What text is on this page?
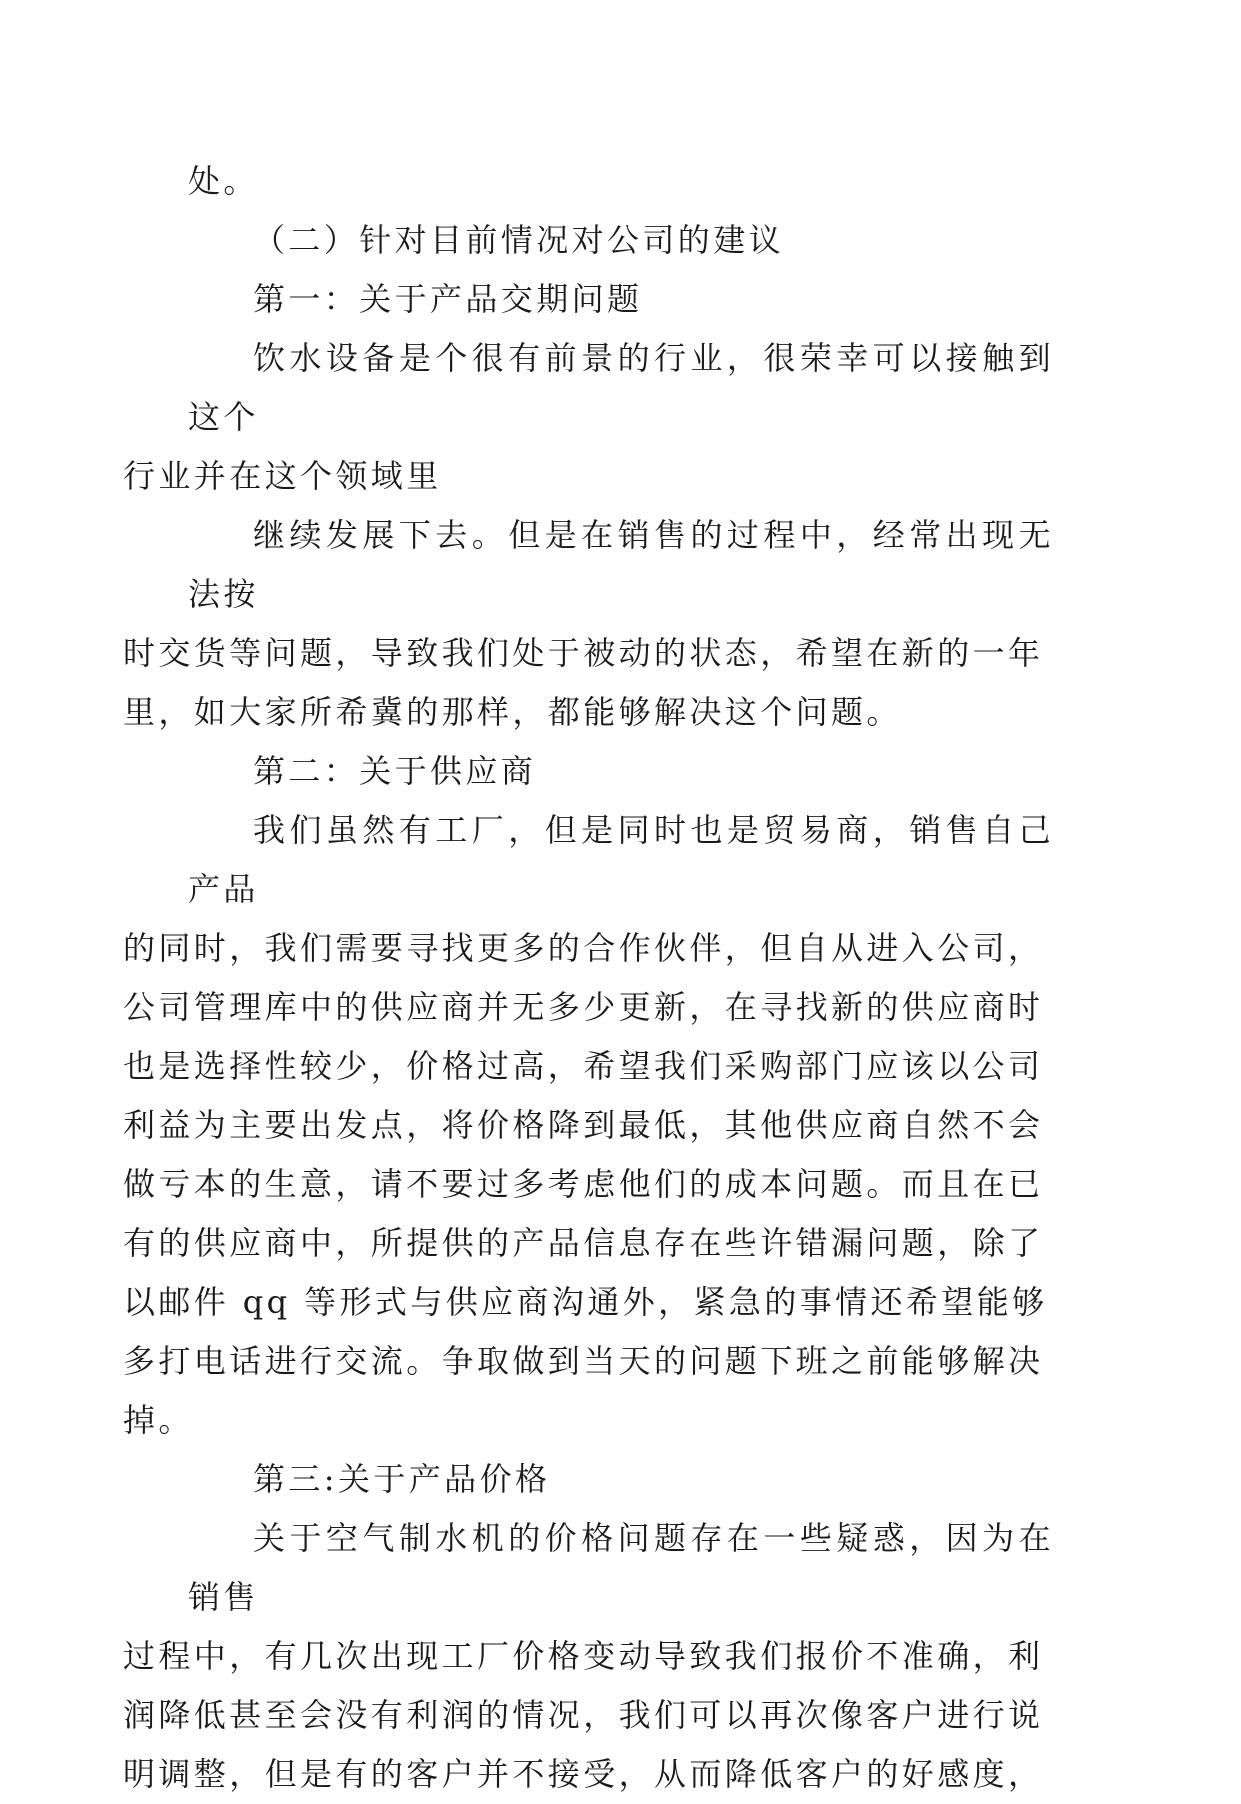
处。

（二）针对目前情况对公司的建议

第一：关于产品交期问题

饮水设备是个很有前景的行业，很荣幸可以接触到这个
行业并在这个领域里

继续发展下去。但是在销售的过程中，经常出现无法按
时交货等问题，导致我们处于被动的状态，希望在新的一年
里，如大家所希冀的那样，都能够解决这个问题。

第二：关于供应商

我们虽然有工厂，但是同时也是贸易商，销售自己产品
的同时，我们需要寻找更多的合作伙伴，但自从进入公司，
公司管理库中的供应商并无多少更新，在寻找新的供应商时
也是选择性较少，价格过高，希望我们采购部门应该以公司
利益为主要出发点，将价格降到最低，其他供应商自然不会
做亏本的生意，请不要过多考虑他们的成本问题。而且在已
有的供应商中，所提供的产品信息存在些许错漏问题，除了
以邮件 qq 等形式与供应商沟通外，紧急的事情还希望能够
多打电话进行交流。争取做到当天的问题下班之前能够解决
掉。

第三:关于产品价格

关于空气制水机的价格问题存在一些疑惑，因为在销售
过程中，有几次出现工厂价格变动导致我们报价不准确，利
润降低甚至会没有利润的情况，我们可以再次像客户进行说
明调整，但是有的客户并不接受，从而降低客户的好感度，
